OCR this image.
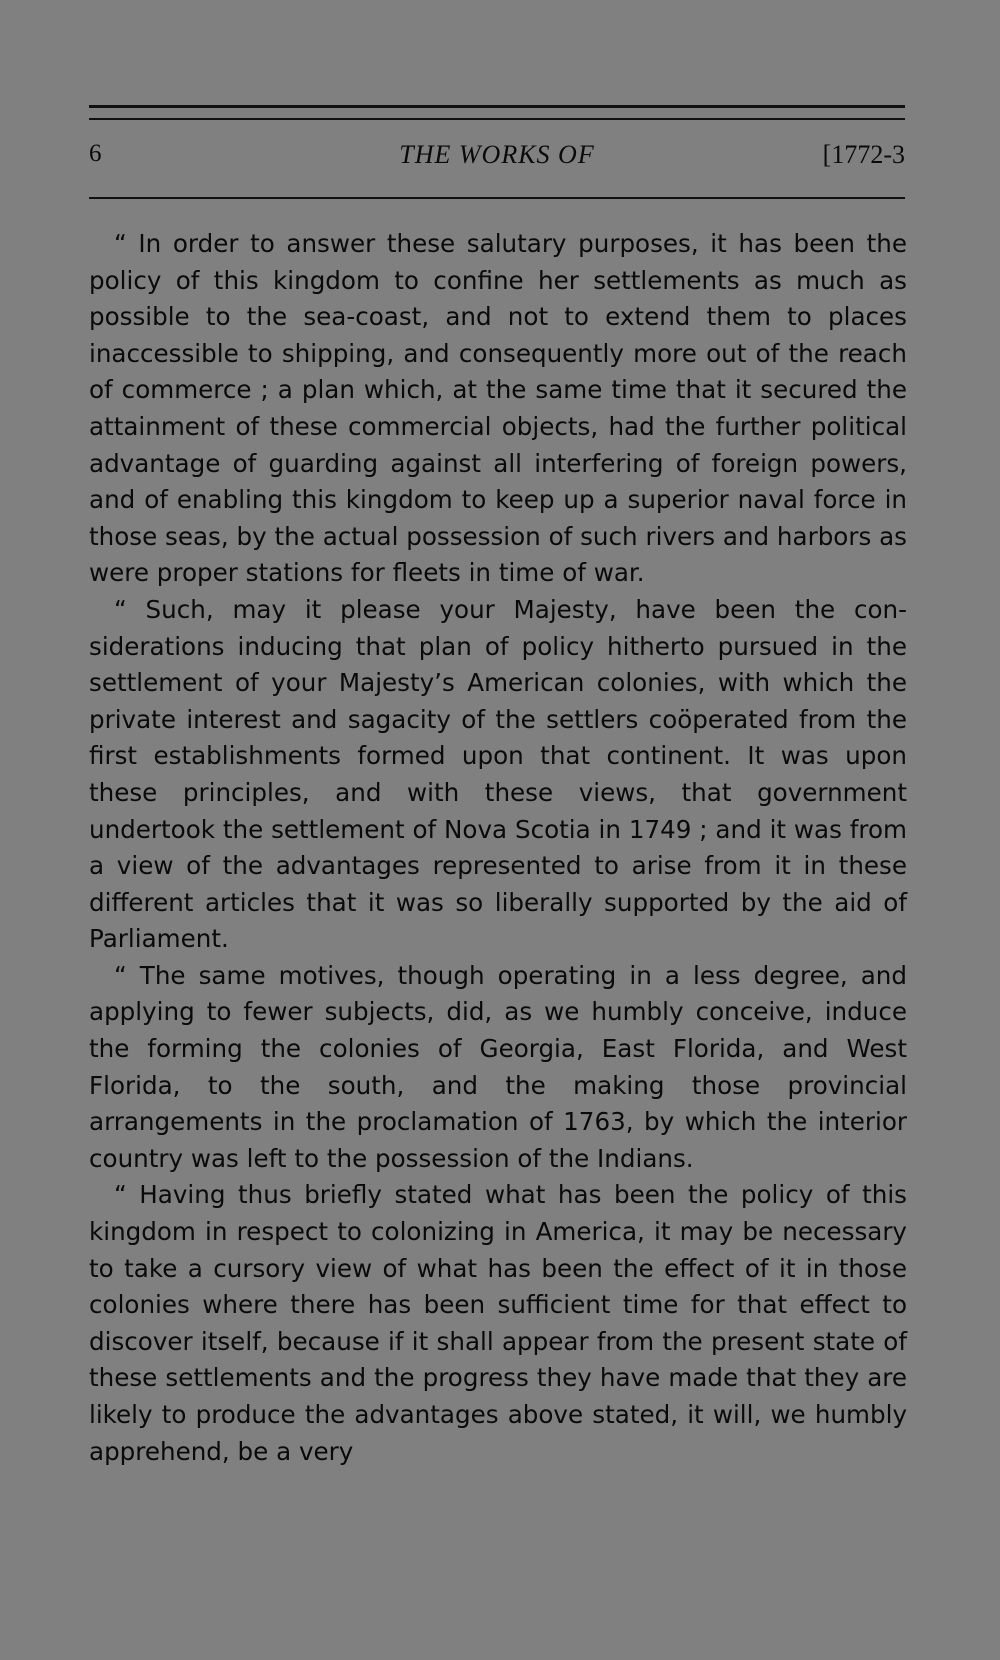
6	THE WORKS OF	[1772-3

“ In order to answer these salutary purposes, it has been the policy of this kingdom to confine her settlements as much as possible to the sea-coast, and not to extend them to places inaccessible to shipping, and consequently more out of the reach of commerce ; a plan which, at the same time that it secured the attainment of these commercial objects, had the further political advantage of guarding against all interfering of foreign powers, and of enabling this kingdom to keep up a superior naval force in those seas, by the actual possession of such rivers and harbors as were proper stations for fleets in time of war.

“ Such, may it please your Majesty, have been the considerations inducing that plan of policy hitherto pursued in the settlement of your Majesty’s American colonies, with which the private interest and sagacity of the settlers coöperated from the first establishments formed upon that continent. It was upon these principles, and with these views, that government undertook the settlement of Nova Scotia in 1749 ; and it was from a view of the advantages represented to arise from it in these different articles that it was so liberally supported by the aid of Parliament.

“ The same motives, though operating in a less degree, and applying to fewer subjects, did, as we humbly conceive, induce the forming the colonies of Georgia, East Florida, and West Florida, to the south, and the making those provincial arrangements in the proclamation of 1763, by which the interior country was left to the possession of the Indians.

“ Having thus briefly stated what has been the policy of this kingdom in respect to colonizing in America, it may be necessary to take a cursory view of what has been the effect of it in those colonies where there has been sufficient time for that effect to discover itself, because if it shall appear from the present state of these settlements and the progress they have made that they are likely to produce the advantages above stated, it will, we humbly apprehend, be a very
